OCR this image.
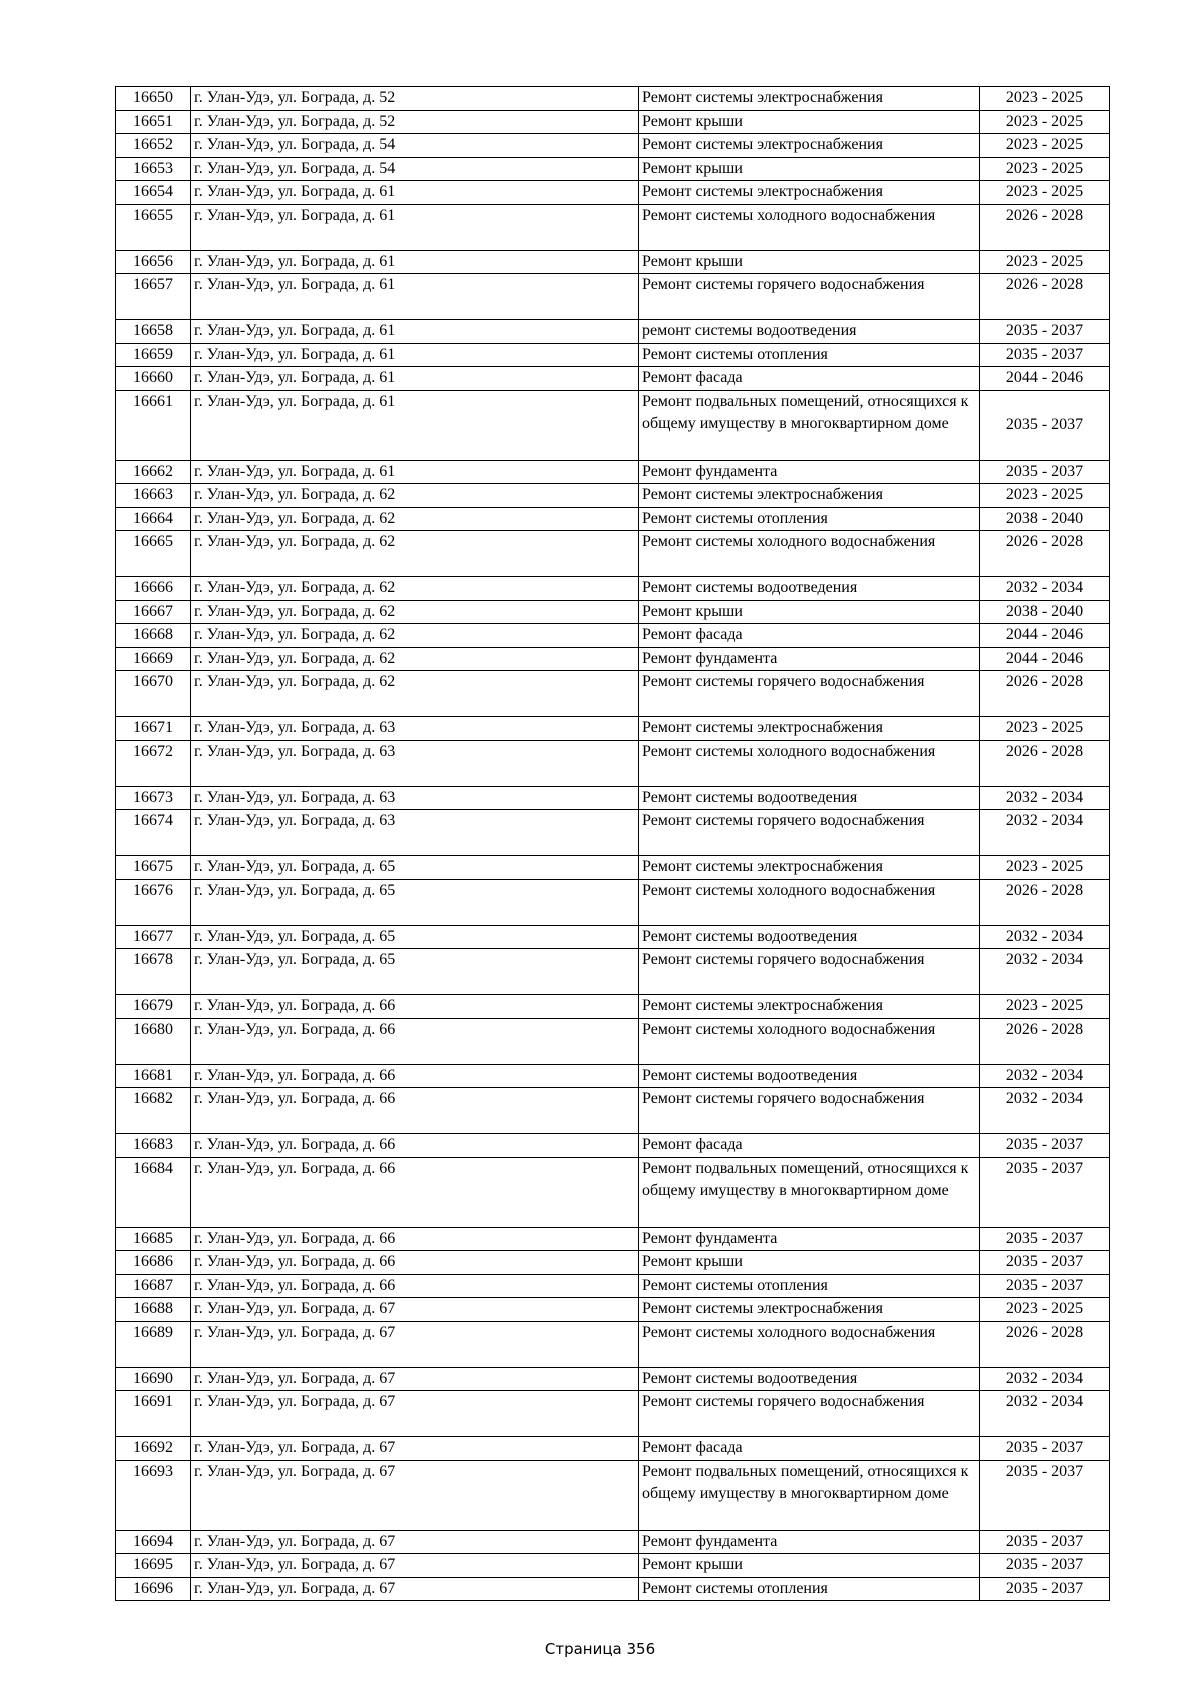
16650	г. Улан-Удэ, ул. Бограда, д. 52	Ремонт системы электроснабжения	2023 - 2025
16651	г. Улан-Удэ, ул. Бограда, д. 52	Ремонт крыши	2023 - 2025
16652	г. Улан-Удэ, ул. Бограда, д. 54	Ремонт системы электроснабжения	2023 - 2025
16653	г. Улан-Удэ, ул. Бограда, д. 54	Ремонт крыши	2023 - 2025
16654	г. Улан-Удэ, ул. Бограда, д. 61	Ремонт системы электроснабжения	2023 - 2025
16655	г. Улан-Удэ, ул. Бограда, д. 61	Ремонт системы холодного водоснабжения	2026 - 2028
16656	г. Улан-Удэ, ул. Бограда, д. 61	Ремонт крыши	2023 - 2025
16657	г. Улан-Удэ, ул. Бограда, д. 61	Ремонт системы горячего водоснабжения	2026 - 2028
16658	г. Улан-Удэ, ул. Бограда, д. 61	ремонт системы водоотведения	2035 - 2037
16659	г. Улан-Удэ, ул. Бограда, д. 61	Ремонт системы отопления	2035 - 2037
16660	г. Улан-Удэ, ул. Бограда, д. 61	Ремонт фасада	2044 - 2046
16661	г. Улан-Удэ, ул. Бограда, д. 61	Ремонт подвальных помещений, относящихся к общему имуществу в многоквартирном доме	2035 - 2037
16662	г. Улан-Удэ, ул. Бограда, д. 61	Ремонт фундамента	2035 - 2037
16663	г. Улан-Удэ, ул. Бограда, д. 62	Ремонт системы электроснабжения	2023 - 2025
16664	г. Улан-Удэ, ул. Бограда, д. 62	Ремонт системы отопления	2038 - 2040
16665	г. Улан-Удэ, ул. Бограда, д. 62	Ремонт системы холодного водоснабжения	2026 - 2028
16666	г. Улан-Удэ, ул. Бограда, д. 62	Ремонт системы водоотведения	2032 - 2034
16667	г. Улан-Удэ, ул. Бограда, д. 62	Ремонт крыши	2038 - 2040
16668	г. Улан-Удэ, ул. Бограда, д. 62	Ремонт фасада	2044 - 2046
16669	г. Улан-Удэ, ул. Бограда, д. 62	Ремонт фундамента	2044 - 2046
16670	г. Улан-Удэ, ул. Бограда, д. 62	Ремонт системы горячего водоснабжения	2026 - 2028
16671	г. Улан-Удэ, ул. Бограда, д. 63	Ремонт системы электроснабжения	2023 - 2025
16672	г. Улан-Удэ, ул. Бограда, д. 63	Ремонт системы холодного водоснабжения	2026 - 2028
16673	г. Улан-Удэ, ул. Бограда, д. 63	Ремонт системы водоотведения	2032 - 2034
16674	г. Улан-Удэ, ул. Бограда, д. 63	Ремонт системы горячего водоснабжения	2032 - 2034
16675	г. Улан-Удэ, ул. Бограда, д. 65	Ремонт системы электроснабжения	2023 - 2025
16676	г. Улан-Удэ, ул. Бограда, д. 65	Ремонт системы холодного водоснабжения	2026 - 2028
16677	г. Улан-Удэ, ул. Бограда, д. 65	Ремонт системы водоотведения	2032 - 2034
16678	г. Улан-Удэ, ул. Бограда, д. 65	Ремонт системы горячего водоснабжения	2032 - 2034
16679	г. Улан-Удэ, ул. Бограда, д. 66	Ремонт системы электроснабжения	2023 - 2025
16680	г. Улан-Удэ, ул. Бограда, д. 66	Ремонт системы холодного водоснабжения	2026 - 2028
16681	г. Улан-Удэ, ул. Бограда, д. 66	Ремонт системы водоотведения	2032 - 2034
16682	г. Улан-Удэ, ул. Бограда, д. 66	Ремонт системы горячего водоснабжения	2032 - 2034
16683	г. Улан-Удэ, ул. Бограда, д. 66	Ремонт фасада	2035 - 2037
16684	г. Улан-Удэ, ул. Бограда, д. 66	Ремонт подвальных помещений, относящихся к общему имуществу в многоквартирном доме	2035 - 2037
16685	г. Улан-Удэ, ул. Бограда, д. 66	Ремонт фундамента	2035 - 2037
16686	г. Улан-Удэ, ул. Бограда, д. 66	Ремонт крыши	2035 - 2037
16687	г. Улан-Удэ, ул. Бограда, д. 66	Ремонт системы отопления	2035 - 2037
16688	г. Улан-Удэ, ул. Бограда, д. 67	Ремонт системы электроснабжения	2023 - 2025
16689	г. Улан-Удэ, ул. Бограда, д. 67	Ремонт системы холодного водоснабжения	2026 - 2028
16690	г. Улан-Удэ, ул. Бограда, д. 67	Ремонт системы водоотведения	2032 - 2034
16691	г. Улан-Удэ, ул. Бограда, д. 67	Ремонт системы горячего водоснабжения	2032 - 2034
16692	г. Улан-Удэ, ул. Бограда, д. 67	Ремонт фасада	2035 - 2037
16693	г. Улан-Удэ, ул. Бограда, д. 67	Ремонт подвальных помещений, относящихся к общему имуществу в многоквартирном доме	2035 - 2037
16694	г. Улан-Удэ, ул. Бограда, д. 67	Ремонт фундамента	2035 - 2037
16695	г. Улан-Удэ, ул. Бограда, д. 67	Ремонт крыши	2035 - 2037
16696	г. Улан-Удэ, ул. Бограда, д. 67	Ремонт системы отопления	2035 - 2037
Страница 356
